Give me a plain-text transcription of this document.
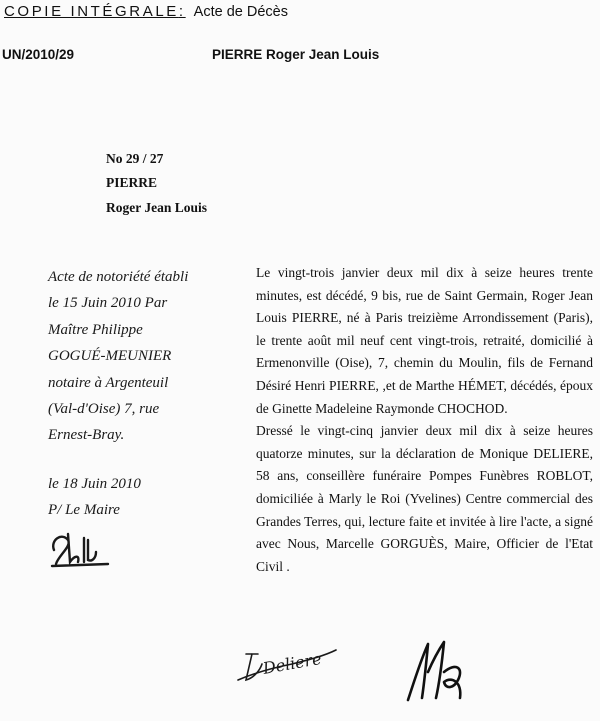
COPIE INTÉGRALE: Acte de Décès
UN/2010/29	PIERRE Roger Jean Louis
No 29 / 27
PIERRE
Roger Jean Louis
Acte de notoriété établi
le 15 Juin 2010 Par
Maître Philippe
GOGUÉ-MEUNIER
notaire à Argenteuil
(Val-d'Oise) 7, rue
Ernest-Bray.
le 18 Juin 2010
P/ Le Maire

Le vingt-trois janvier deux mil dix à seize heures trente minutes, est décédé, 9 bis, rue de Saint Germain, Roger Jean Louis PIERRE, né à Paris treizième Arrondissement (Paris), le trente août mil neuf cent vingt-trois, retraité, domicilié à Ermenonville (Oise), 7, chemin du Moulin, fils de Fernand Désiré Henri PIERRE, ,et de Marthe HÉMET, décédés, époux de Ginette Madeleine Raymonde CHOCHOD.

Dressé le vingt-cinq janvier deux mil dix à seize heures quatorze minutes, sur la déclaration de Monique DELIERE, 58 ans, conseillère funéraire Pompes Funèbres ROBLOT, domiciliée à Marly le Roi (Yvelines) Centre commercial des Grandes Terres, qui, lecture faite et invitée à lire l'acte, a signé avec Nous, Marcelle GORGUÈS, Maire, Officier de l'Etat Civil .

Deliere
